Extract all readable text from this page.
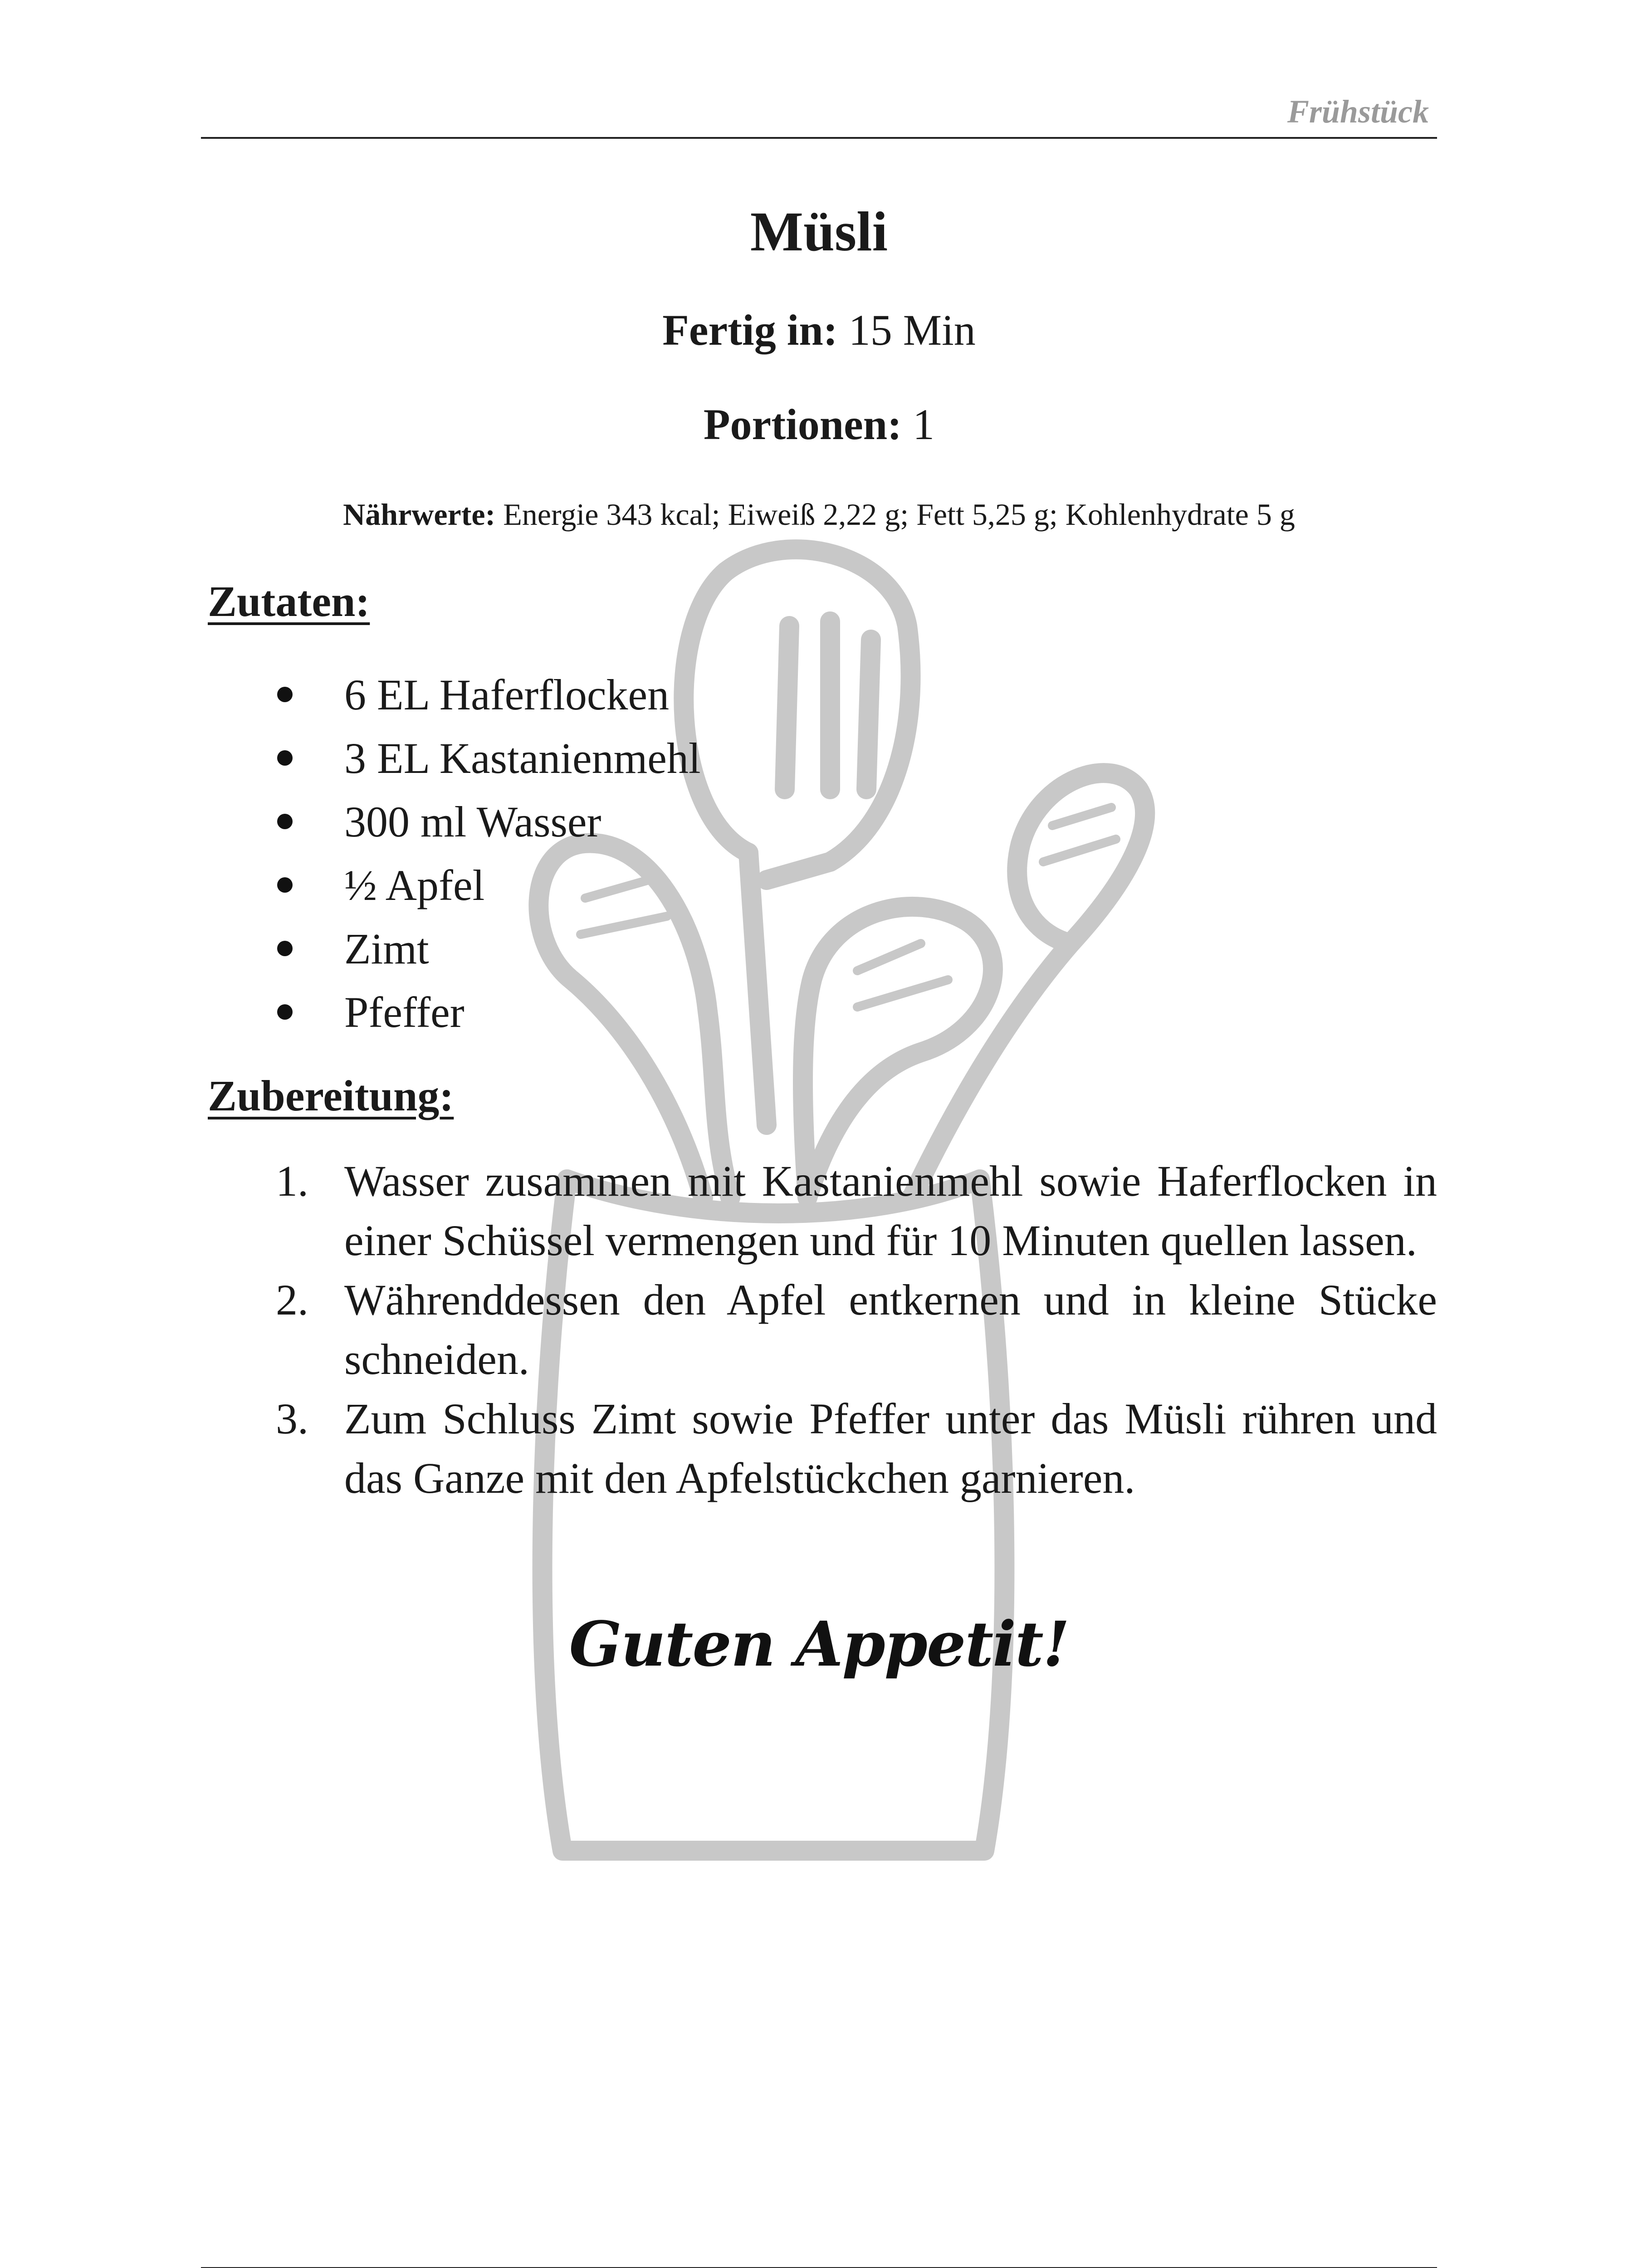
Frühstück
Müsli
Fertig in: 15 Min
Portionen: 1
Nährwerte: Energie 343 kcal; Eiweiß 2,22 g; Fett 5,25 g; Kohlenhydrate 5 g
Zutaten:
6 EL Haferflocken
3 EL Kastanienmehl
300 ml Wasser
½ Apfel
Zimt
Pfeffer
Zubereitung:
1. Wasser zusammen mit Kastanienmehl sowie Haferflocken in einer Schüssel vermengen und für 10 Minuten quellen lassen.
2. Währenddessen den Apfel entkernen und in kleine Stücke schneiden.
3. Zum Schluss Zimt sowie Pfeffer unter das Müsli rühren und das Ganze mit den Apfelstückchen garnieren.
Guten Appetit!
